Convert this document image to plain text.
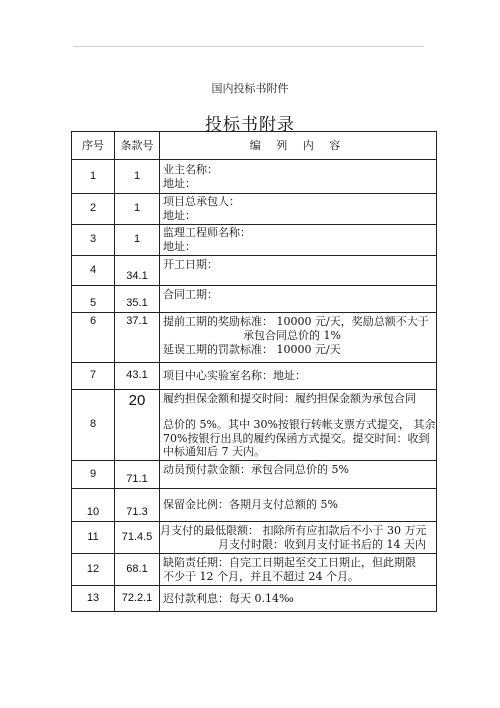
国内投标书附件
投标书附录
序号	条款号	编 列 内 容
1	1	业主名称：
地址：

2	1	项目总承包人：
地址：

3	1	监理工程师名称：
地址：

4	34.1	开工日期：

5	35.1	合同工期：

6	37.1	提前工期的奖励标准： 10000 元/天，奖励总额不大于
承包合同总价的 1%
延误工期的罚款标准： 10000 元/天

7	43.1	项目中心实验室名称：地址：

8	20	履约担保金额和提交时间：履约担保金额为承包合同
总价的 5%。其中 30%按银行转帐支票方式提交， 其余
70%按银行出具的履约保函方式提交。提交时间：收到
中标通知后 7 天内。

9	71.1	动员预付款金额：承包合同总价的 5%

10	71.3	保留金比例：各期月支付总额的 5%

11	71.4.5	月支付的最低限额： 扣除所有应扣款后不小于 30 万元
月支付时限：收到月支付证书后的 14 天内

12	68.1	缺陷责任期：自完工日期起至交工日期止，但此期限
不少于 12 个月，并且不超过 24 个月。

13	72.2.1	迟付款利息：每天 0.14‰
